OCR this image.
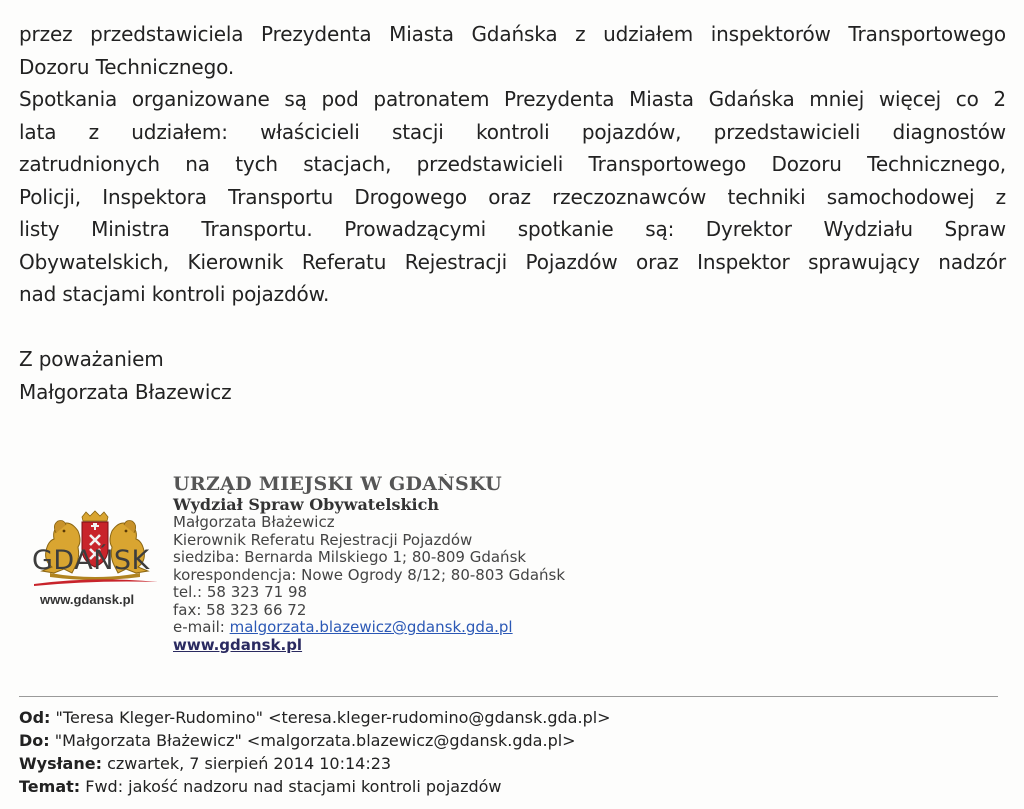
przez przedstawiciela Prezydenta Miasta Gdańska z udziałem inspektorów Transportowego
Dozoru Technicznego.
Spotkania organizowane są pod patronatem Prezydenta Miasta Gdańska mniej więcej co 2
lata z udziałem: właścicieli stacji kontroli pojazdów, przedstawicieli diagnostów
zatrudnionych na tych stacjach, przedstawicieli Transportowego Dozoru Technicznego,
Policji, Inspektora Transportu Drogowego oraz rzeczoznawców techniki samochodowej z
listy Ministra Transportu. Prowadzącymi spotkanie są: Dyrektor Wydziału Spraw
Obywatelskich, Kierownik Referatu Rejestracji Pojazdów oraz Inspektor sprawujący nadzór
nad stacjami kontroli pojazdów.
Z poważaniem
Małgorzata Błazewicz
GDAŃSK
www.gdansk.pl
URZĄD MIEJSKI W GDAŃSKU
Wydział Spraw Obywatelskich
Małgorzata Błażewicz
Kierownik Referatu Rejestracji Pojazdów
siedziba: Bernarda Milskiego 1; 80-809 Gdańsk
korespondencja: Nowe Ogrody 8/12; 80-803 Gdańsk
tel.: 58 323 71 98
fax: 58 323 66 72
e-mail: malgorzata.blazewicz@gdansk.gda.pl
www.gdansk.pl
Od: "Teresa Kleger-Rudomino" <teresa.kleger-rudomino@gdansk.gda.pl>
Do: "Małgorzata Błażewicz" <malgorzata.blazewicz@gdansk.gda.pl>
Wysłane: czwartek, 7 sierpień 2014 10:14:23
Temat: Fwd: jakość nadzoru nad stacjami kontroli pojazdów
